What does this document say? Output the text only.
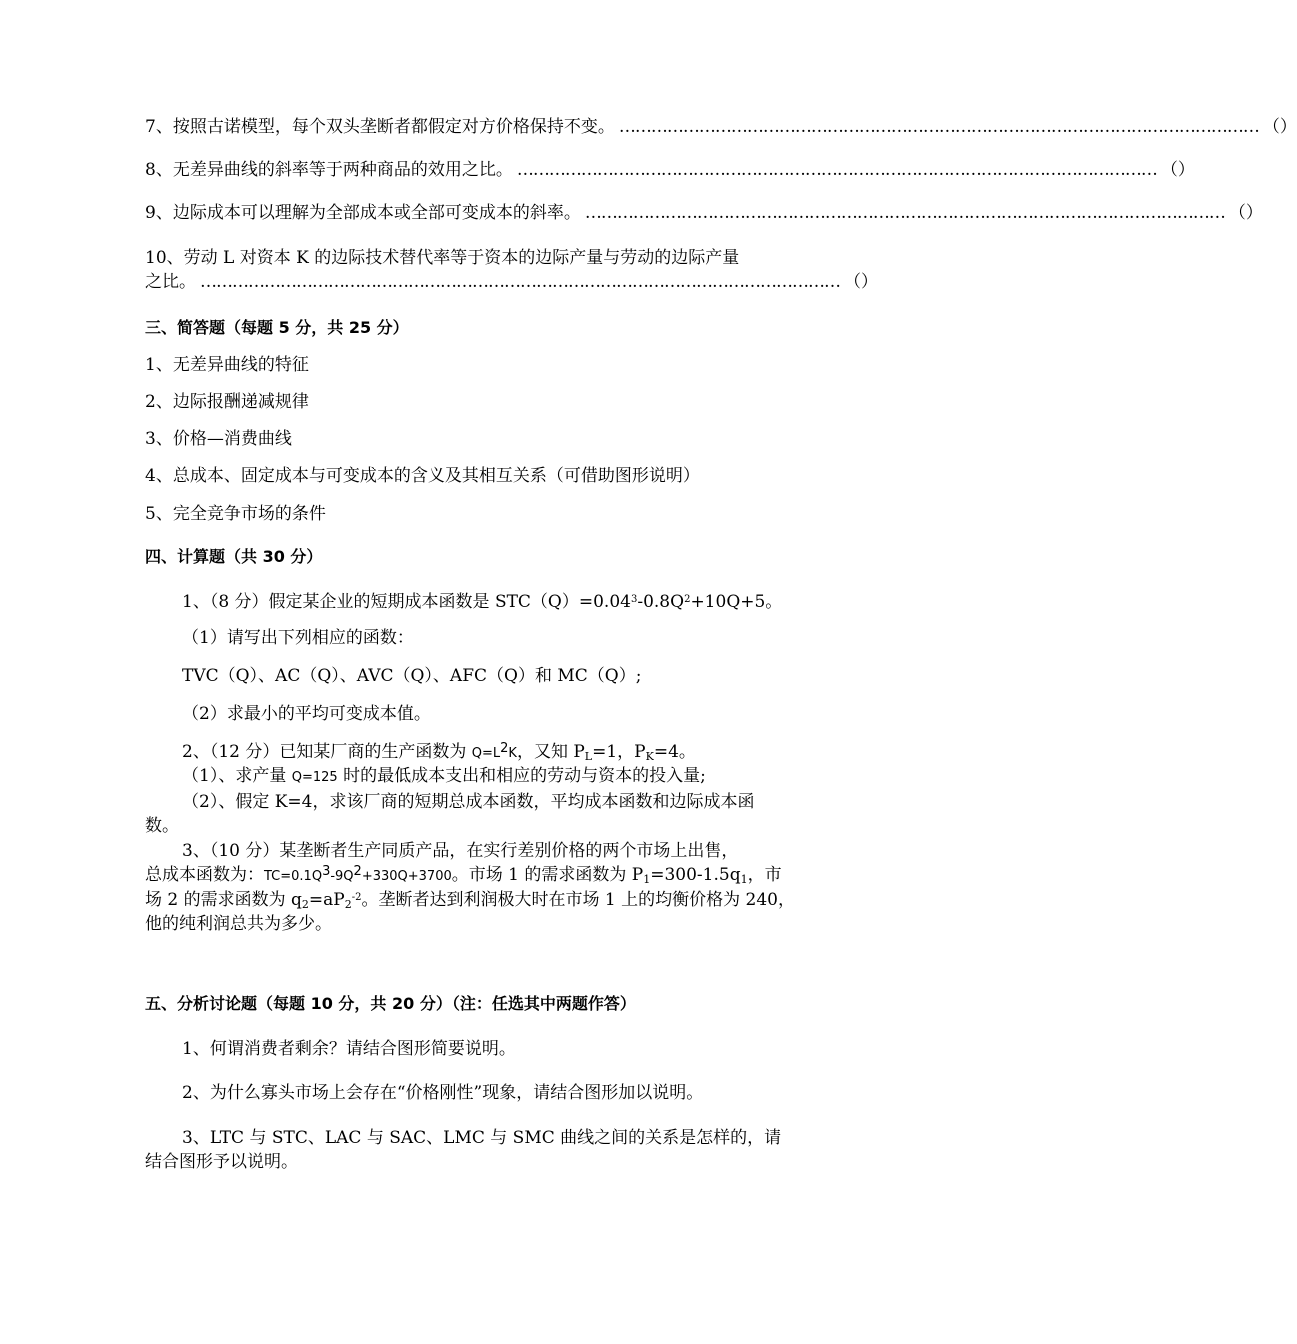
7、按照古诺模型，每个双头垄断者都假定对方价格保持不变。 ………………………………………………………………………………………………………… （ ）
8、无差异曲线的斜率等于两种商品的效用之比。 ………………………………………………………………………………………………………… （ ）
9、边际成本可以理解为全部成本或全部可变成本的斜率。 ………………………………………………………………………………………………………… （ ）
10、劳动 L 对资本 K 的边际技术替代率等于资本的边际产量与劳动的边际产量
之比。 ………………………………………………………………………………………………………… （ ）
三、简答题（每题 5 分，共 25 分）
1、无差异曲线的特征
2、边际报酬递减规律
3、价格—消费曲线
4、总成本、固定成本与可变成本的含义及其相互关系（可借助图形说明）
5、完全竞争市场的条件
四、计算题（共 30 分）
1、（8 分）假定某企业的短期成本函数是 $STC(Q)=0.04^3-0.8Q^2+10Q+5$。
（1）请写出下列相应的函数：
TVC（Q）、AC（Q）、AVC（Q）、AFC（Q）和 MC（Q）;
（2）求最小的平均可变成本值。
2、（12 分）已知某厂商的生产函数为 $Q=L^2K$，又知 $P_L=1$，$P_K=4$。
（1）、求产量 Q=125 时的最低成本支出和相应的劳动与资本的投入量;
（2）、假定 K=4，求该厂商的短期总成本函数，平均成本函数和边际成本函
数。
3、（10 分）某垄断者生产同质产品，在实行差别价格的两个市场上出售，
总成本函数为：$TC=0.1Q^3-9Q^2+330Q+3700$。市场 1 的需求函数为 $P_1=300-1.5q_1$，市
场 2 的需求函数为 $q_2=aP_2^{-2}$。垄断者达到利润极大时在市场 1 上的均衡价格为 240，
他的纯利润总共为多少。
五、分析讨论题（每题 10 分，共 20 分）（注：任选其中两题作答）
1、何谓消费者剩余？请结合图形简要说明。
2、为什么寡头市场上会存在“价格刚性”现象，请结合图形加以说明。
3、LTC 与 STC、LAC 与 SAC、LMC 与 SMC 曲线之间的关系是怎样的，请
结合图形予以说明。
